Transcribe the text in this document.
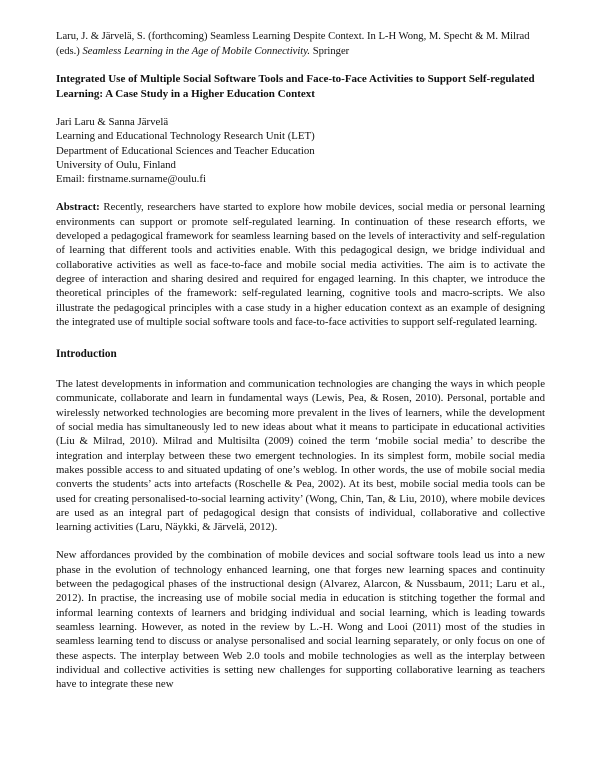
Laru, J. & Järvelä, S. (forthcoming) Seamless Learning Despite Context. In L-H Wong, M. Specht & M. Milrad (eds.) Seamless Learning in the Age of Mobile Connectivity. Springer

Integrated Use of Multiple Social Software Tools and Face-to-Face Activities to Support Self-regulated Learning: A Case Study in a Higher Education Context

Jari Laru & Sanna Järvelä

Learning and Educational Technology Research Unit (LET)

Department of Educational Sciences and Teacher Education

University of Oulu, Finland

Email: firstname.surname@oulu.fi

Abstract: Recently, researchers have started to explore how mobile devices, social media or personal learning environments can support or promote self-regulated learning. In continuation of these research efforts, we developed a pedagogical framework for seamless learning based on the levels of interactivity and self-regulation of learning that different tools and activities enable. With this pedagogical design, we bridge individual and collaborative activities as well as face-to-face and mobile social media activities. The aim is to activate the degree of interaction and sharing desired and required for engaged learning. In this chapter, we introduce the theoretical principles of the framework: self-regulated learning, cognitive tools and macro-scripts. We also illustrate the pedagogical principles with a case study in a higher education context as an example of designing the integrated use of multiple social software tools and face-to-face activities to support self-regulated learning.

Introduction

The latest developments in information and communication technologies are changing the ways in which people communicate, collaborate and learn in fundamental ways (Lewis, Pea, & Rosen, 2010). Personal, portable and wirelessly networked technologies are becoming more prevalent in the lives of learners, while the development of social media has simultaneously led to new ideas about what it means to participate in educational activities (Liu & Milrad, 2010). Milrad and Multisilta (2009) coined the term ‘mobile social media’ to describe the integration and interplay between these two emergent technologies. In its simplest form, mobile social media makes possible access to and situated updating of one’s weblog. In other words, the use of mobile social media converts the students’ acts into artefacts (Roschelle & Pea, 2002). At its best, mobile social media tools can be used for creating personalised-to-social learning activity’ (Wong, Chin, Tan, & Liu, 2010), where mobile devices are used as an integral part of pedagogical design that consists of individual, collaborative and collective learning activities (Laru, Näykki, & Järvelä, 2012).

New affordances provided by the combination of mobile devices and social software tools lead us into a new phase in the evolution of technology enhanced learning, one that forges new learning spaces and continuity between the pedagogical phases of the instructional design (Alvarez, Alarcon, & Nussbaum, 2011; Laru et al., 2012). In practise, the increasing use of mobile social media in education is stitching together the formal and informal learning contexts of learners and bridging individual and social learning, which is leading towards seamless learning. However, as noted in the review by L.-H. Wong and Looi (2011) most of the studies in seamless learning tend to discuss or analyse personalised and social learning separately, or only focus on one of these aspects. The interplay between Web 2.0 tools and mobile technologies as well as the interplay between individual and collective activities is setting new challenges for supporting collaborative learning as teachers have to integrate these new
